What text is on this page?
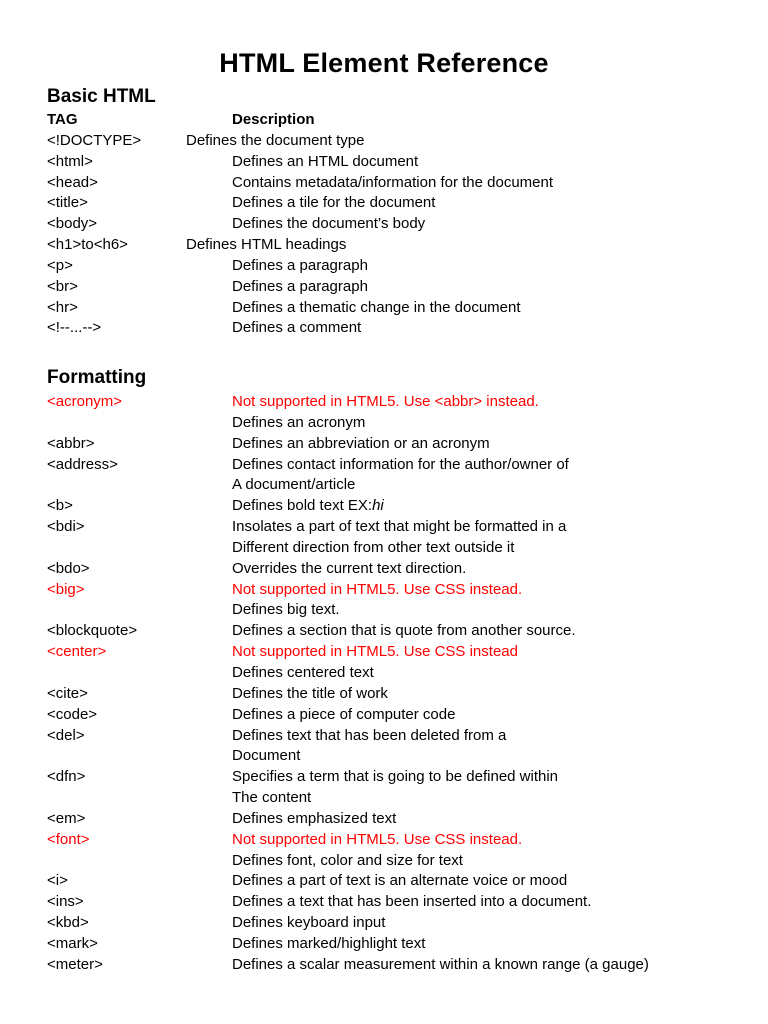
HTML Element Reference
Basic HTML
TAG	Description
<!DOCTYPE>	Defines the document type
<html>	Defines an HTML document
<head>	Contains metadata/information for the document
<title>	Defines a tile for the document
<body>	Defines the document’s body
<h1>to<h6>	Defines HTML headings
<p>	Defines a paragraph
<br>	Defines a paragraph
<hr>	Defines a thematic change in the document
<!--...-->	Defines a comment
Formatting
<acronym>	Not supported in HTML5. Use <abbr> instead.
Defines an acronym
<abbr>	Defines an abbreviation or an acronym
<address>	Defines contact information for the author/owner of
A document/article
<b>	Defines bold text EX:hi
<bdi>	Insolates a part of text that might be formatted in a
Different direction from other text outside it
<bdo>	Overrides the current text direction.
<big>	Not supported in HTML5. Use CSS instead.
Defines big text.
<blockquote>	Defines a section that is quote from another source.
<center>	Not supported in HTML5. Use CSS instead
Defines centered text
<cite>	Defines the title of work
<code>	Defines a piece of computer code
<del>	Defines text that has been deleted from a
Document
<dfn>	Specifies a term that is going to be defined within
The content
<em>	Defines emphasized text
<font>	Not supported in HTML5. Use CSS instead.
Defines font, color and size for text
<i>	Defines a part of text is an alternate voice or mood
<ins>	Defines a text that has been inserted into a document.
<kbd>	Defines keyboard input
<mark>	Defines marked/highlight text
<meter>	Defines a scalar measurement within a known range (a gauge)
